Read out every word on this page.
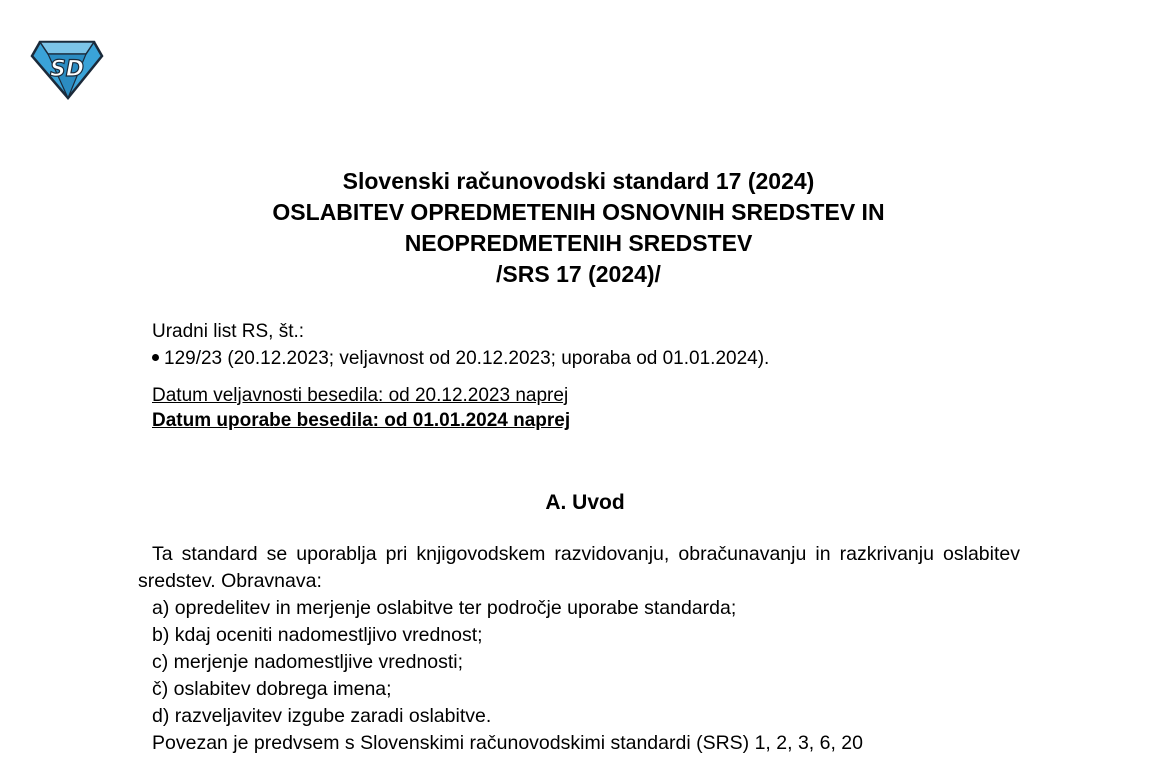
SD
Slovenski računovodski standard 17 (2024)
OSLABITEV OPREDMETENIH OSNOVNIH SREDSTEV IN
NEOPREDMETENIH SREDSTEV
/SRS 17 (2024)/
Uradni list RS, št.:
129/23 (20.12.2023; veljavnost od 20.12.2023; uporaba od 01.01.2024).
Datum veljavnosti besedila: od 20.12.2023 naprej
Datum uporabe besedila: od 01.01.2024 naprej
A. Uvod
Ta standard se uporablja pri knjigovodskem razvidovanju, obračunavanju in razkrivanju oslabitev sredstev. Obravnava:
a) opredelitev in merjenje oslabitve ter področje uporabe standarda;
b) kdaj oceniti nadomestljivo vrednost;
c) merjenje nadomestljive vrednosti;
č) oslabitev dobrega imena;
d) razveljavitev izgube zaradi oslabitve.
Povezan je predvsem s Slovenskimi računovodskimi standardi (SRS) 1, 2, 3, 6, 20
